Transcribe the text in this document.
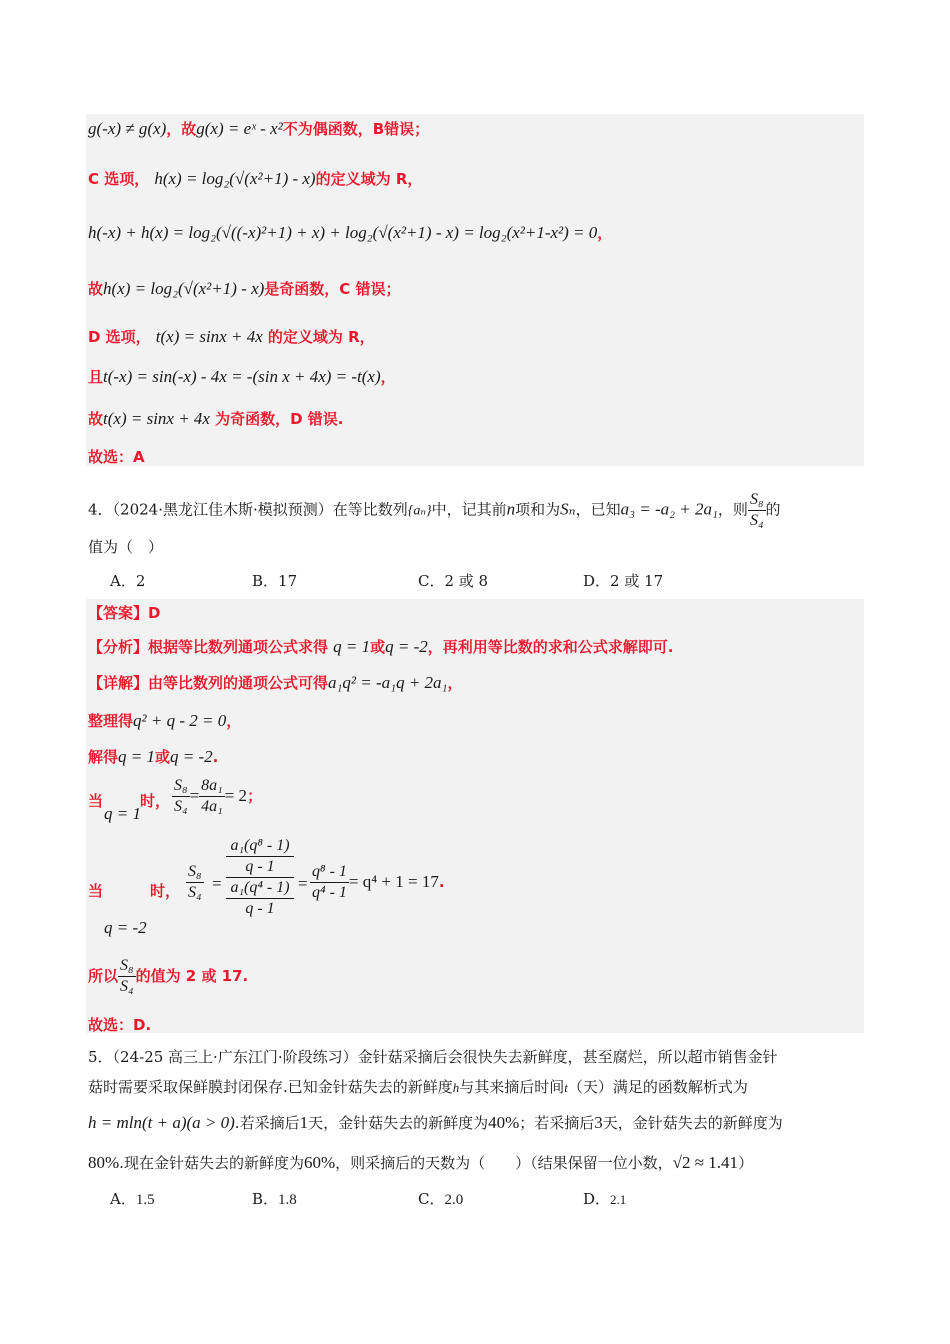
g(-x) ≠ g(x)，故g(x) = eˣ - x²不为偶函数，B错误；
C 选项， h(x) = log₂(√(x²+1) - x)的定义域为 R，
h(-x) + h(x) = log₂(√((-x)²+1) + x) + log₂(√(x²+1) - x) = log₂(x²+1-x²) = 0，
故h(x) = log₂(√(x²+1) - x)是奇函数，C 错误；
D 选项， t(x) = sinx + 4x 的定义域为 R，
且t(-x) = sin(-x) - 4x = -(sin x + 4x) = -t(x)，
故t(x) = sinx + 4x 为奇函数，D 错误.
故选：A
4．（2024·黑龙江佳木斯·模拟预测）在等比数列{aₙ}中，记其前n项和为Sₙ，已知a₃ = -a₂ + 2a₁，则 $\frac{\text{S₈}}{\text{S₄}}$ 的
值为（　）
A．2	B．17	C．2 或 8	D．2 或 17
【答案】D
【分析】根据等比数列通项公式求得 q = 1或q = -2，再利用等比数的求和公式求解即可.
【详解】由等比数列的通项公式可得a₁q² = -a₁q + 2a₁，
整理得q² + q - 2 = 0，
解得q = 1或q = -2.
当
q = 1
时， $\frac{\text{S₈}}{\text{S₄}} = \frac{\text{8a₁}}{\text{4a₁}} = 2$；
当	时，
q = -2
$\frac{\text{S₈}}{\text{S₄}}$ =
a₁(q⁸ - 1)
q - 1
a₁(q⁴ - 1)
q - 1
= $\frac{\text{q⁸ - 1}}{\text{q⁴ - 1}} = q^4 + 1 = 17$.
所以 $\frac{\text{S₈}}{\text{S₄}}$ 的值为 2 或 17.
故选：D.
5．（24-25 高三上·广东江门·阶段练习）金针菇采摘后会很快失去新鲜度，甚至腐烂，所以超市销售金针
菇时需要采取保鲜膜封闭保存.已知金针菇失去的新鲜度h与其来摘后时间t（天）满足的函数解析式为
h = mln(t + a)(a > 0).若采摘后1天，金针菇失去的新鲜度为40%；若采摘后3天，金针菇失去的新鲜度为
80%.现在金针菇失去的新鲜度为60%，则采摘后的天数为（　　）（结果保留一位小数，√2 ≈ 1.41）
A．1.5	B．1.8	C．2.0	D．2.1
